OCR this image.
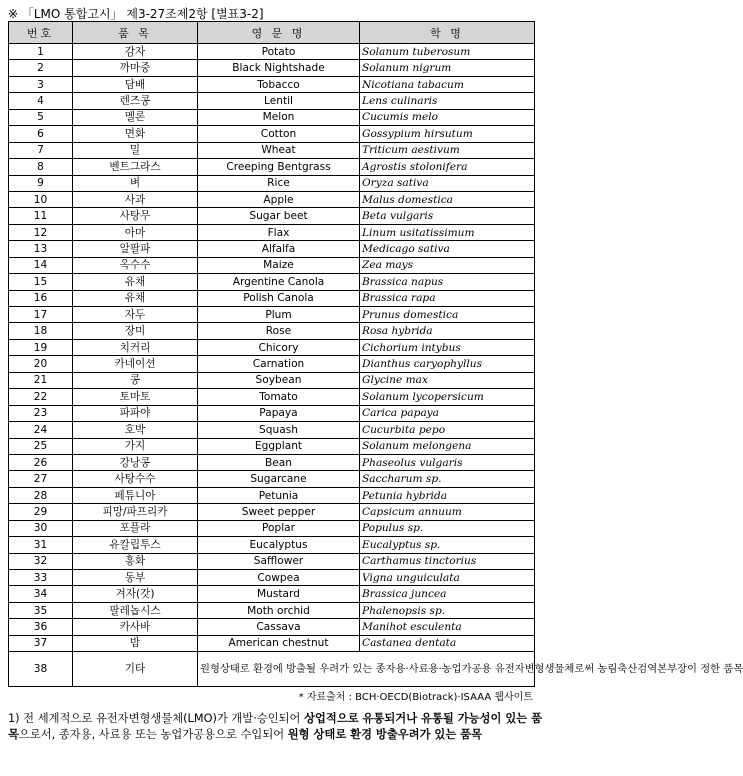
※ 「LMO 통합고시」 제3-27조제2항 [별표3-2]
번호	품 목	영 문 명	학 명
1	감자	Potato	Solanum tuberosum
2	까마중	Black Nightshade	Solanum nigrum
3	담배	Tobacco	Nicotiana tabacum
4	렌즈콩	Lentil	Lens culinaris
5	멜론	Melon	Cucumis melo
6	면화	Cotton	Gossypium hirsutum
7	밀	Wheat	Triticum aestivum
8	벤트그라스	Creeping Bentgrass	Agrostis stolonifera
9	벼	Rice	Oryza sativa
10	사과	Apple	Malus domestica
11	사탕무	Sugar beet	Beta vulgaris
12	아마	Flax	Linum usitatissimum
13	알팔파	Alfalfa	Medicago sativa
14	옥수수	Maize	Zea mays
15	유채	Argentine Canola	Brassica napus
16	유채	Polish Canola	Brassica rapa
17	자두	Plum	Prunus domestica
18	장미	Rose	Rosa hybrida
19	치커리	Chicory	Cichorium intybus
20	카네이션	Carnation	Dianthus caryophyllus
21	콩	Soybean	Glycine max
22	토마토	Tomato	Solanum lycopersicum
23	파파야	Papaya	Carica papaya
24	호박	Squash	Cucurbita pepo
25	가지	Eggplant	Solanum melongena
26	강낭콩	Bean	Phaseolus vulgaris
27	사탕수수	Sugarcane	Saccharum sp.
28	페튜니아	Petunia	Petunia hybrida
29	피망/파프리카	Sweet pepper	Capsicum annuum
30	포플라	Poplar	Populus sp.
31	유칼립투스	Eucalyptus	Eucalyptus sp.
32	홍화	Safflower	Carthamus tinctorius
33	동부	Cowpea	Vigna unguiculata
34	겨자(갓)	Mustard	Brassica juncea
35	팔레놉시스	Moth orchid	Phalenopsis sp.
36	카사바	Cassava	Manihot esculenta
37	밤	American chestnut	Castanea dentata
38	기타	원형상태로 환경에 방출될 우려가 있는 종자용·사료용·농업가공용 유전자변형생물체로써 농림축산검역본부장이 정한 품목	
* 자료출처 : BCH·OECD(Biotrack)·ISAAA 웹사이트
1) 전 세계적으로 유전자변형생물체(LMO)가 개발·승인되어 상업적으로 유통되거나 유통될 가능성이 있는 품목으로서, 종자용, 사료용 또는 농업가공용으로 수입되어 원형 상태로 환경 방출우려가 있는 품목
